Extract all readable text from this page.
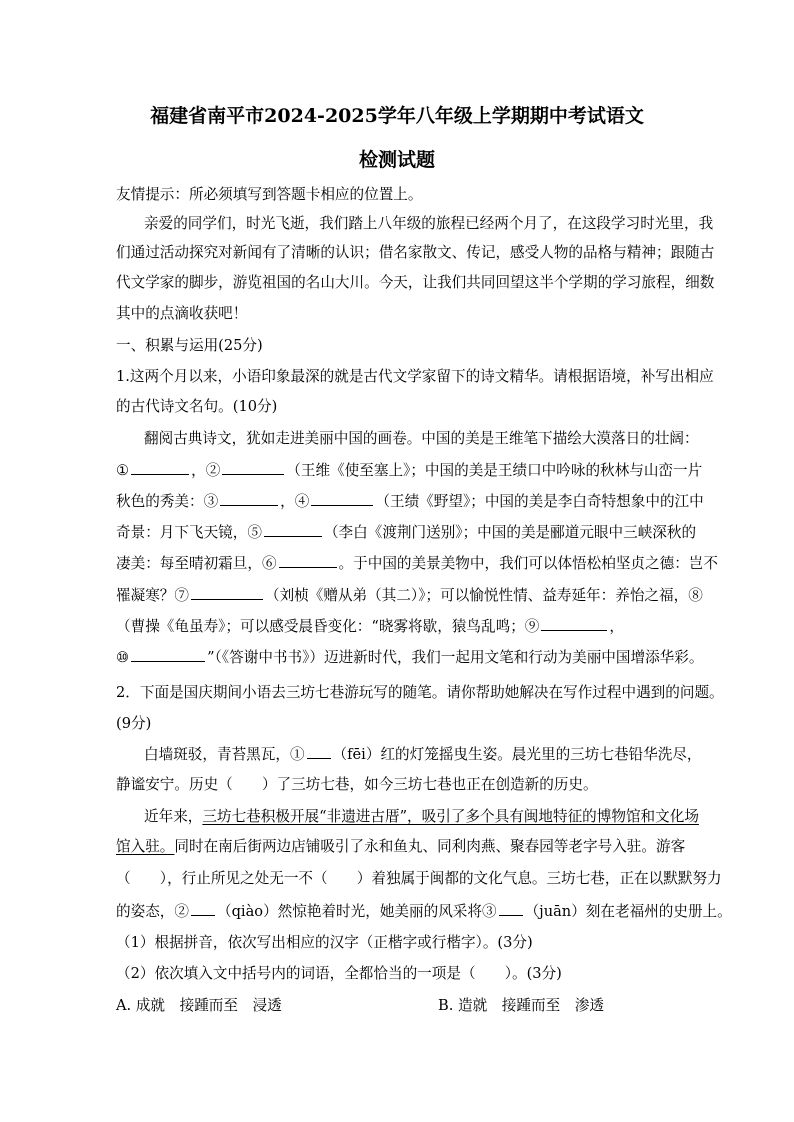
福建省南平市2024-2025学年八年级上学期期中考试语文
检测试题
友情提示：所必须填写到答题卡相应的位置上。
亲爱的同学们，时光飞逝，我们踏上八年级的旅程已经两个月了，在这段学习时光里，我
们通过活动探究对新闻有了清晰的认识；借名家散文、传记，感受人物的品格与精神；跟随古
代文学家的脚步，游览祖国的名山大川。今天，让我们共同回望这半个学期的学习旅程，细数
其中的点滴收获吧！
一、积累与运用(25分)
1.这两个月以来，小语印象最深的就是古代文学家留下的诗文精华。请根据语境，补写出相应
的古代诗文名句。(10分)
翻阅古典诗文，犹如走进美丽中国的画卷。中国的美是王维笔下描绘大漠落日的壮阔：
①	，②	（王维《使至塞上》；中国的美是王绩口中吟咏的秋林与山峦一片
秋色的秀美：③	，④	（王绩《野望》；中国的美是李白奇特想象中的江中
奇景：月下飞天镜，⑤	（李白《渡荆门送别》；中国的美是郦道元眼中三峡深秋的
凄美：每至晴初霜旦，⑥	。于中国的美景美物中，我们可以体悟松柏坚贞之德：岂不
罹凝寒？⑦	（刘桢《赠从弟（其二）》；可以愉悦性情、益寿延年：养怡之福，⑧
（曹操《龟虽寿》；可以感受晨昏变化：“晓雾将歇，猿鸟乱鸣；⑨	，
⑩	”（《答谢中书书》）迈进新时代，我们一起用文笔和行动为美丽中国增添华彩。
2．下面是国庆期间小语去三坊七巷游玩写的随笔。请你帮助她解决在写作过程中遇到的问题。
(9分)
白墙斑驳，青苔黑瓦，① （fēi）红的灯笼摇曳生姿。晨光里的三坊七巷铅华洗尽，
静谧安宁。历史（　　）了三坊七巷，如今三坊七巷也正在创造新的历史。
近年来，三坊七巷积极开展“非遗进古厝”，吸引了多个具有闽地特征的博物馆和文化场
馆入驻。同时在南后街两边店铺吸引了永和鱼丸、同利肉燕、聚春园等老字号入驻。游客
（　　），行止所见之处无一不（　　）着独属于闽都的文化气息。三坊七巷，正在以默默努力
的姿态，② （qiào）然惊艳着时光，她美丽的风采将③ （juān）刻在老福州的史册上。
（1）根据拼音，依次写出相应的汉字（正楷字或行楷字）。(3分)
（2）依次填入文中括号内的词语，全都恰当的一项是（　　）。(3分)
A. 成就　接踵而至　浸透	B. 造就　接踵而至　渗透
